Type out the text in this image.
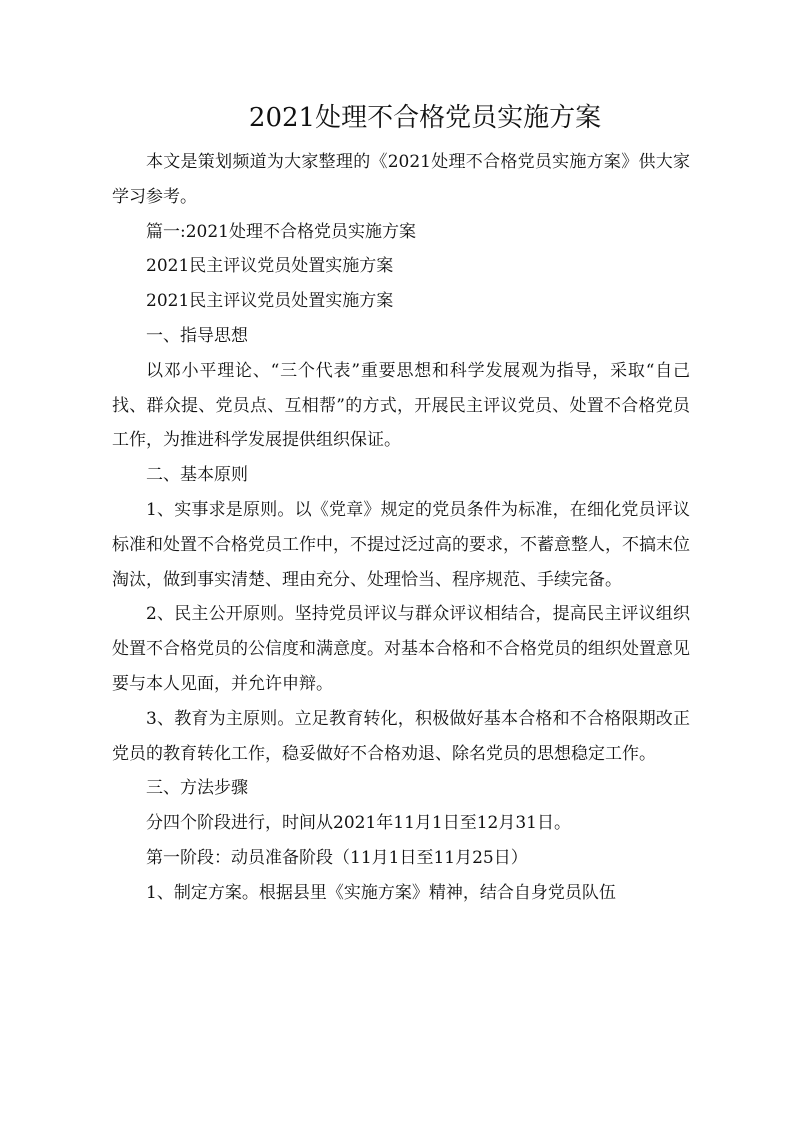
2021处理不合格党员实施方案

本文是策划频道为大家整理的《2021处理不合格党员实施方案》供大家学习参考。

篇一:2021处理不合格党员实施方案

2021民主评议党员处置实施方案

2021民主评议党员处置实施方案

一、指导思想

以邓小平理论、“三个代表”重要思想和科学发展观为指导，采取“自己找、群众提、党员点、互相帮”的方式，开展民主评议党员、处置不合格党员工作，为推进科学发展提供组织保证。

二、基本原则

1、实事求是原则。以《党章》规定的党员条件为标准，在细化党员评议标准和处置不合格党员工作中，不提过泛过高的要求，不蓄意整人，不搞末位淘汰，做到事实清楚、理由充分、处理恰当、程序规范、手续完备。

2、民主公开原则。坚持党员评议与群众评议相结合，提高民主评议组织处置不合格党员的公信度和满意度。对基本合格和不合格党员的组织处置意见要与本人见面，并允许申辩。

3、教育为主原则。立足教育转化，积极做好基本合格和不合格限期改正党员的教育转化工作，稳妥做好不合格劝退、除名党员的思想稳定工作。

三、方法步骤

分四个阶段进行，时间从2021年11月1日至12月31日。

第一阶段：动员准备阶段（11月1日至11月25日）

1、制定方案。根据县里《实施方案》精神，结合自身党员队伍
